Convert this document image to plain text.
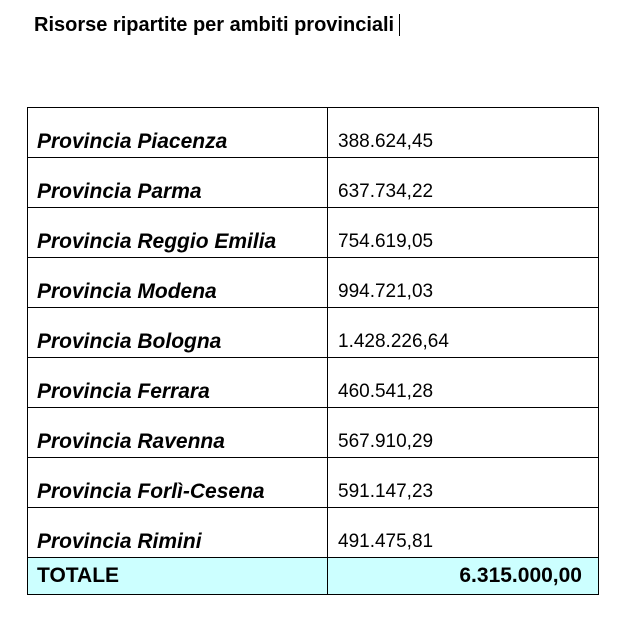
Risorse ripartite per ambiti provinciali
Provincia Piacenza	388.624,45
Provincia Parma	637.734,22
Provincia Reggio Emilia	754.619,05
Provincia Modena	994.721,03
Provincia Bologna	1.428.226,64
Provincia Ferrara	460.541,28
Provincia Ravenna	567.910,29
Provincia Forlì-Cesena	591.147,23
Provincia Rimini	491.475,81
TOTALE	6.315.000,00
